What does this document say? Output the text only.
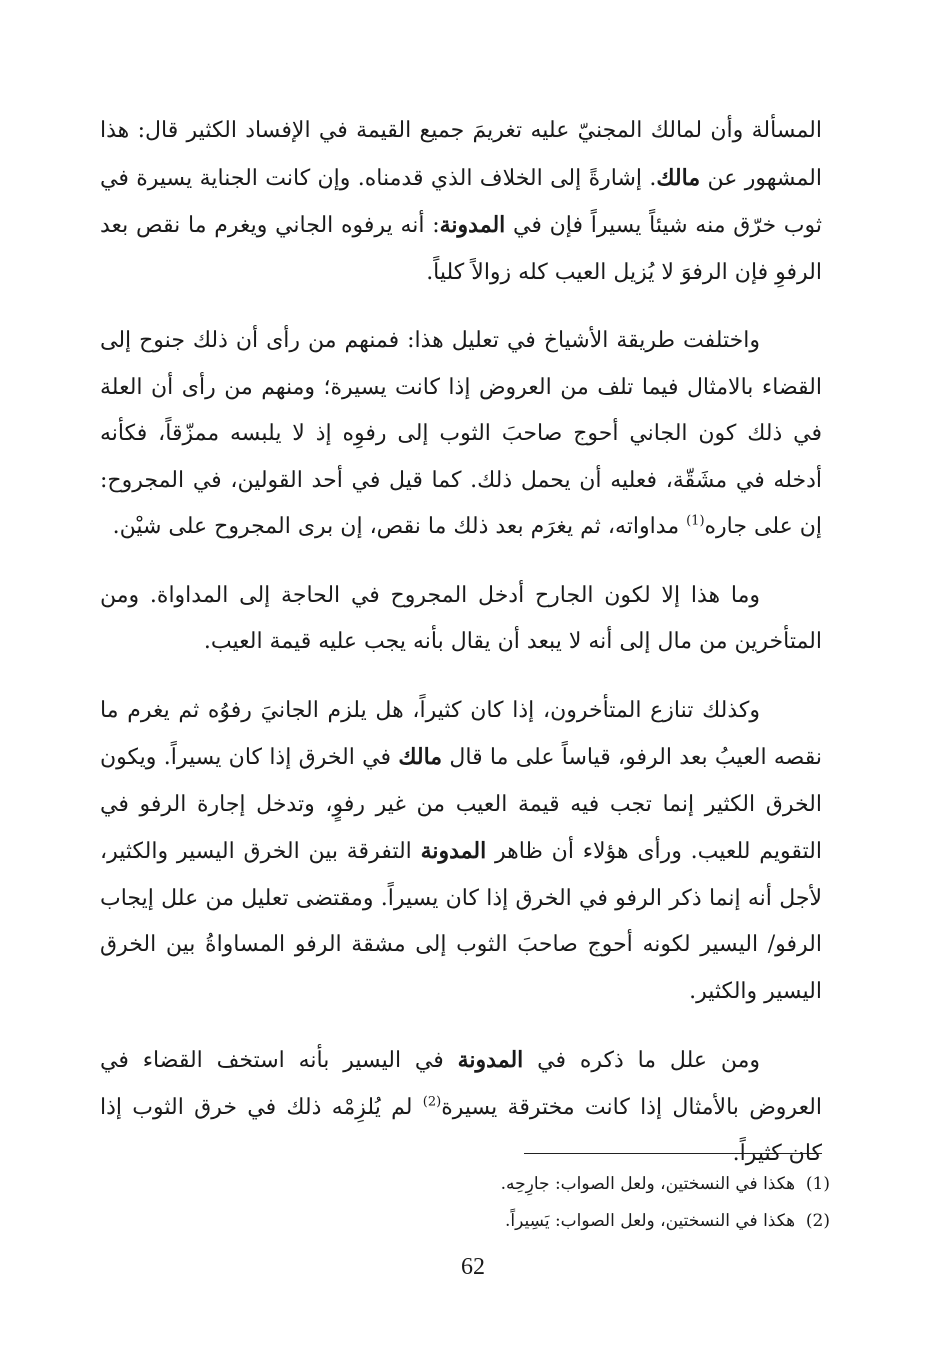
المسألة وأن لمالك المجنيّ عليه تغريمَ جميع القيمة في الإفساد الكثير قال: هذا المشهور عن مالك. إشارةً إلى الخلاف الذي قدمناه. وإن كانت الجناية يسيرة في ثوب خرّق منه شيئاً يسيراً فإن في المدونة: أنه يرفوه الجاني ويغرم ما نقص بعد الرفوِ فإن الرفوَ لا يُزيل العيب كله زوالاً كلياً.

واختلفت طريقة الأشياخ في تعليل هذا: فمنهم من رأى أن ذلك جنوح إلى القضاء بالامثال فيما تلف من العروض إذا كانت يسيرة؛ ومنهم من رأى أن العلة في ذلك كون الجاني أحوج صاحبَ الثوب إلى رفوِه إذ لا يلبسه ممزّقاً، فكأنه أدخله في مشَقّة، فعليه أن يحمل ذلك. كما قيل في أحد القولين، في المجروح: إن على جاره$^{(1)}$ مداواته، ثم يغرَم بعد ذلك ما نقص، إن برى المجروح على شيْن.

وما هذا إلا لكون الجارح أدخل المجروح في الحاجة إلى المداواة. ومن المتأخرين من مال إلى أنه لا يبعد أن يقال بأنه يجب عليه قيمة العيب.

وكذلك تنازع المتأخرون، إذا كان كثيراً، هل يلزم الجانيَ رفوُه ثم يغرم ما نقصه العيبُ بعد الرفو، قياساً على ما قال مالك في الخرق إذا كان يسيراً. ويكون الخرق الكثير إنما تجب فيه قيمة العيب من غير رفوٍ، وتدخل إجارة الرفو في التقويم للعيب. ورأى هؤلاء أن ظاهر المدونة التفرقة بين الخرق اليسير والكثير، لأجل أنه إنما ذكر الرفو في الخرق إذا كان يسيراً. ومقتضى تعليل من علل إيجاب الرفو/ اليسير لكونه أحوج صاحبَ الثوب إلى مشقة الرفو المساواةُ بين الخرق اليسير والكثير.

ومن علل ما ذكره في المدونة في اليسير بأنه استخف القضاء في العروض بالأمثال إذا كانت مخترقة يسيرة$^{(2)}$ لم يُلزِمْه ذلك في خرق الثوب إذا كان كثيراً.

(1)  هكذا في النسختين، ولعل الصواب: جارِحِه.
(2)  هكذا في النسختين، ولعل الصواب: يَسِيراً.
62
